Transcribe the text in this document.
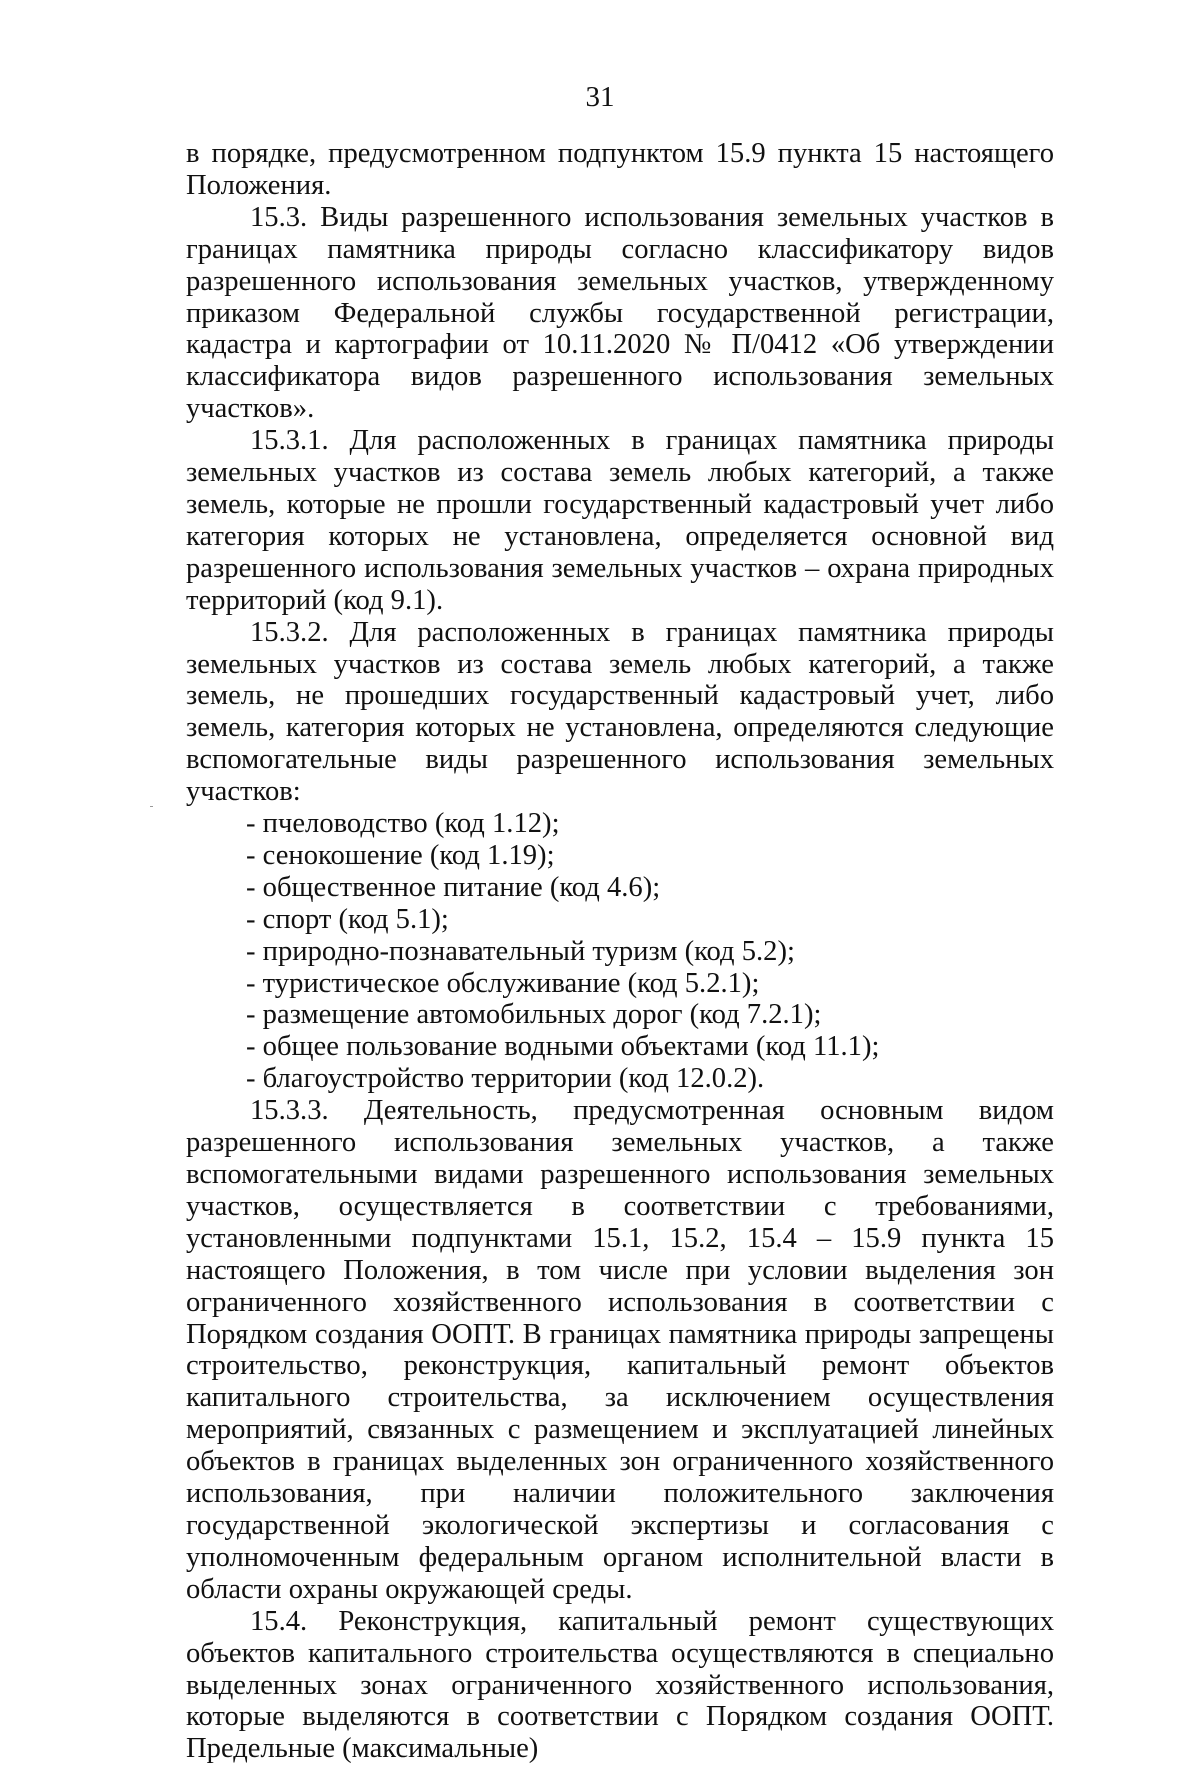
31

в порядке, предусмотренном подпунктом 15.9 пункта 15 настоящего Положения.

15.3. Виды разрешенного использования земельных участков в границах памятника природы согласно классификатору видов разрешенного использования земельных участков, утвержденному приказом Федеральной службы государственной регистрации, кадастра и картографии от 10.11.2020 № П/0412 «Об утверждении классификатора видов разрешенного использования земельных участков».

15.3.1. Для расположенных в границах памятника природы земельных участков из состава земель любых категорий, а также земель, которые не прошли государственный кадастровый учет либо категория которых не установлена, определяется основной вид разрешенного использования земельных участков – охрана природных территорий (код 9.1).

15.3.2. Для расположенных в границах памятника природы земельных участков из состава земель любых категорий, а также земель, не прошедших государственный кадастровый учет, либо земель, категория которых не установлена, определяются следующие вспомогательные виды разрешенного использования земельных участков:

- пчеловодство (код 1.12);

- сенокошение (код 1.19);

- общественное питание (код 4.6);

- спорт (код 5.1);

- природно-познавательный туризм (код 5.2);

- туристическое обслуживание (код 5.2.1);

- размещение автомобильных дорог (код 7.2.1);

- общее пользование водными объектами (код 11.1);

- благоустройство территории (код 12.0.2).

15.3.3. Деятельность, предусмотренная основным видом разрешенного использования земельных участков, а также вспомогательными видами разрешенного использования земельных участков, осуществляется в соответствии с требованиями, установленными подпунктами 15.1, 15.2, 15.4 – 15.9 пункта 15 настоящего Положения, в том числе при условии выделения зон ограниченного хозяйственного использования в соответствии с Порядком создания ООПТ. В границах памятника природы запрещены строительство, реконструкция, капитальный ремонт объектов капитального строительства, за исключением осуществления мероприятий, связанных с размещением и эксплуатацией линейных объектов в границах выделенных зон ограниченного хозяйственного использования, при наличии положительного заключения государственной экологической экспертизы и согласования с уполномоченным федеральным органом исполнительной власти в области охраны окружающей среды.

15.4. Реконструкция, капитальный ремонт существующих объектов капитального строительства осуществляются в специально выделенных зонах ограниченного хозяйственного использования, которые выделяются в соответствии с Порядком создания ООПТ. Предельные (максимальные)
